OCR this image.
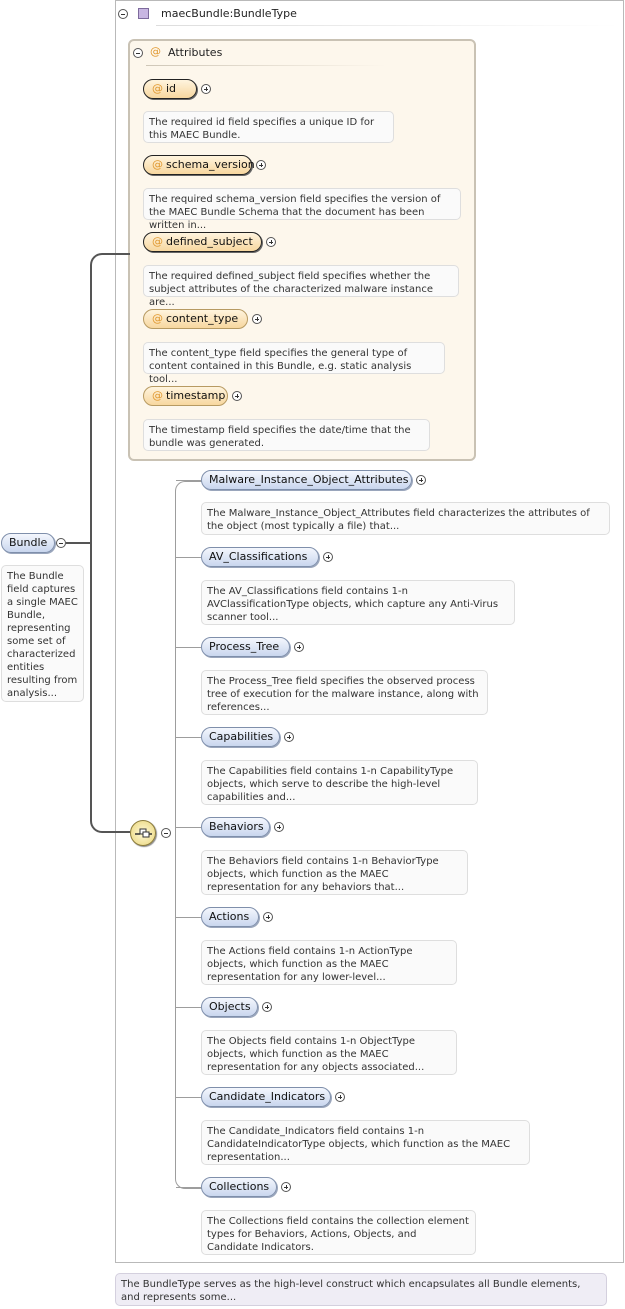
maecBundle:BundleType
@ Attributes
@ id
The required id field specifies a unique ID for this MAEC Bundle.
@ schema_version
The required schema_version field specifies the version of the MAEC Bundle Schema that the document has been written in...
@ defined_subject
The required defined_subject field specifies whether the subject attributes of the characterized malware instance are...
@ content_type
The content_type field specifies the general type of content contained in this Bundle, e.g. static analysis tool...
@ timestamp
The timestamp field specifies the date/time that the bundle was generated.
Bundle
The Bundle field captures a single MAEC Bundle, representing some set of characterized entities resulting from analysis...
Malware_Instance_Object_Attributes
The Malware_Instance_Object_Attributes field characterizes the attributes of the object (most typically a file) that...
AV_Classifications
The AV_Classifications field contains 1-n AVClassificationType objects, which capture any Anti-Virus scanner tool...
Process_Tree
The Process_Tree field specifies the observed process tree of execution for the malware instance, along with references...
Capabilities
The Capabilities field contains 1-n CapabilityType objects, which serve to describe the high-level capabilities and...
Behaviors
The Behaviors field contains 1-n BehaviorType objects, which function as the MAEC representation for any behaviors that...
Actions
The Actions field contains 1-n ActionType objects, which function as the MAEC representation for any lower-level...
Objects
The Objects field contains 1-n ObjectType objects, which function as the MAEC representation for any objects associated...
Candidate_Indicators
The Candidate_Indicators field contains 1-n CandidateIndicatorType objects, which function as the MAEC representation...
Collections
The Collections field contains the collection element types for Behaviors, Actions, Objects, and Candidate Indicators.
The BundleType serves as the high-level construct which encapsulates all Bundle elements, and represents some...
